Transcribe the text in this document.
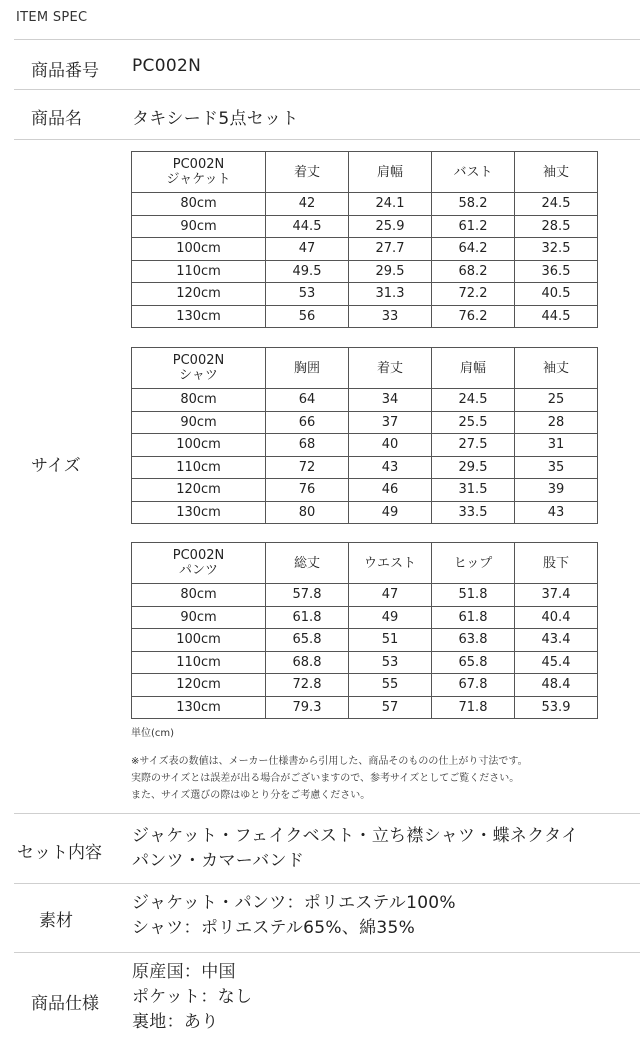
ITEM SPEC
商品番号 PC002N
商品名	タキシード5点セット
サイズ
PC002N
ジャケット	着丈	肩幅	バスト	袖丈
80cm	42	24.1	58.2	24.5
90cm	44.5	25.9	61.2	28.5
100cm	47	27.7	64.2	32.5
110cm	49.5	29.5	68.2	36.5
120cm	53	31.3	72.2	40.5
130cm	56	33	76.2	44.5
PC002N
シャツ	胸囲	着丈	肩幅	袖丈
80cm	64	34	24.5	25
90cm	66	37	25.5	28
100cm	68	40	27.5	31
110cm	72	43	29.5	35
120cm	76	46	31.5	39
130cm	80	49	33.5	43
PC002N
パンツ	総丈	ウエスト	ヒップ	股下
80cm	57.8	47	51.8	37.4
90cm	61.8	49	61.8	40.4
100cm	65.8	51	63.8	43.4
110cm	68.8	53	65.8	45.4
120cm	72.8	55	67.8	48.4
130cm	79.3	57	71.8	53.9
単位(cm)
※サイズ表の数値は、メーカー仕様書から引用した、商品そのものの仕上がり寸法です。
実際のサイズとは誤差が出る場合がございますので、参考サイズとしてご覧ください。
また、サイズ選びの際はゆとり分をご考慮ください。
セット内容
ジャケット・フェイクベスト・立ち襟シャツ・蝶ネクタイ
パンツ・カマーバンド
素材
ジャケット・パンツ：ポリエステル100%
シャツ：ポリエステル65%、綿35%
商品仕様
原産国：中国
ポケット：なし
裏地：あり
